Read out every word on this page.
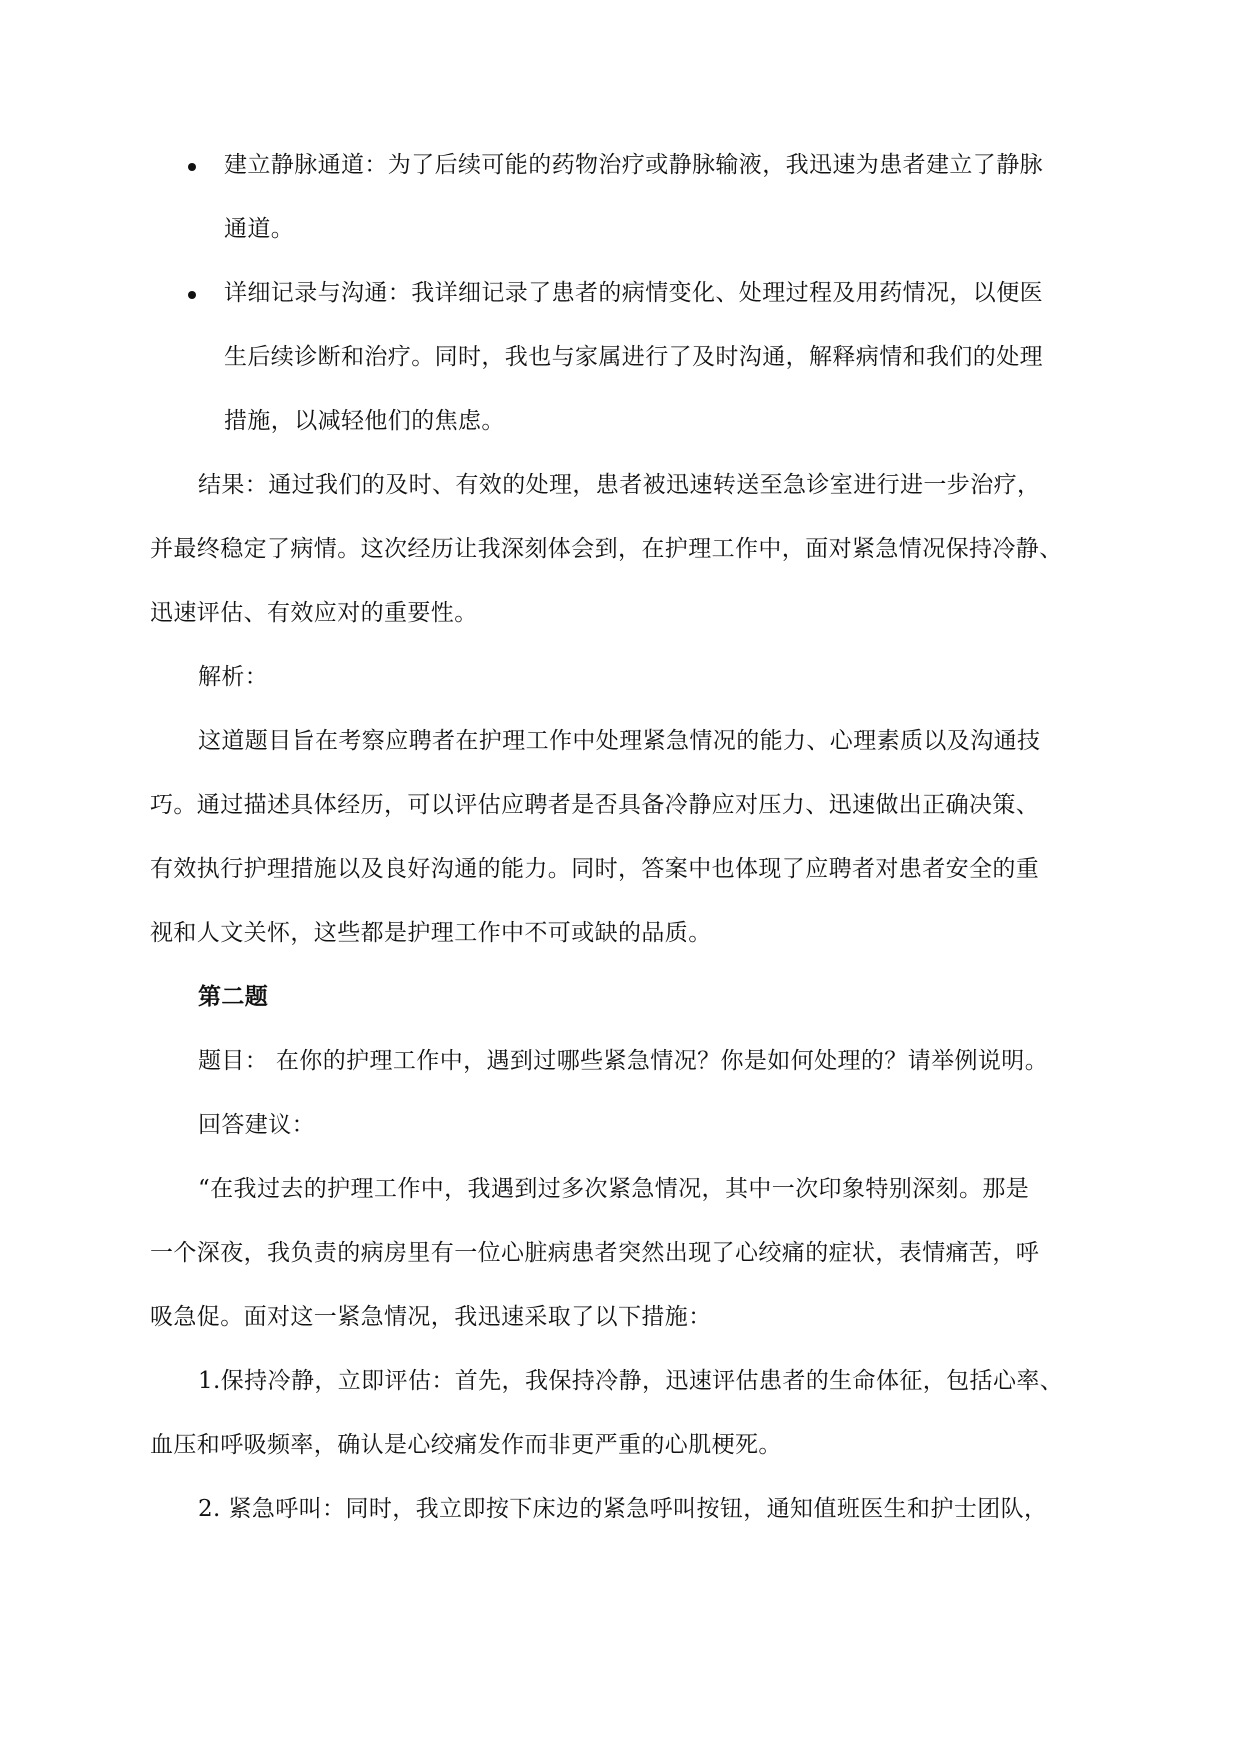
建立静脉通道：为了后续可能的药物治疗或静脉输液，我迅速为患者建立了静脉
通道。
详细记录与沟通：我详细记录了患者的病情变化、处理过程及用药情况，以便医
生后续诊断和治疗。同时，我也与家属进行了及时沟通，解释病情和我们的处理
措施，以减轻他们的焦虑。
结果：通过我们的及时、有效的处理，患者被迅速转送至急诊室进行进一步治疗，
并最终稳定了病情。这次经历让我深刻体会到，在护理工作中，面对紧急情况保持冷静、
迅速评估、有效应对的重要性。
解析：
这道题目旨在考察应聘者在护理工作中处理紧急情况的能力、心理素质以及沟通技
巧。通过描述具体经历，可以评估应聘者是否具备冷静应对压力、迅速做出正确决策、
有效执行护理措施以及良好沟通的能力。同时，答案中也体现了应聘者对患者安全的重
视和人文关怀，这些都是护理工作中不可或缺的品质。
第二题
题目： 在你的护理工作中，遇到过哪些紧急情况？你是如何处理的？请举例说明。
回答建议：
“在我过去的护理工作中，我遇到过多次紧急情况，其中一次印象特别深刻。那是
一个深夜，我负责的病房里有一位心脏病患者突然出现了心绞痛的症状，表情痛苦，呼
吸急促。面对这一紧急情况，我迅速采取了以下措施：
1.保持冷静，立即评估：首先，我保持冷静，迅速评估患者的生命体征，包括心率、
血压和呼吸频率，确认是心绞痛发作而非更严重的心肌梗死。
2. 紧急呼叫：同时，我立即按下床边的紧急呼叫按钮，通知值班医生和护士团队，
